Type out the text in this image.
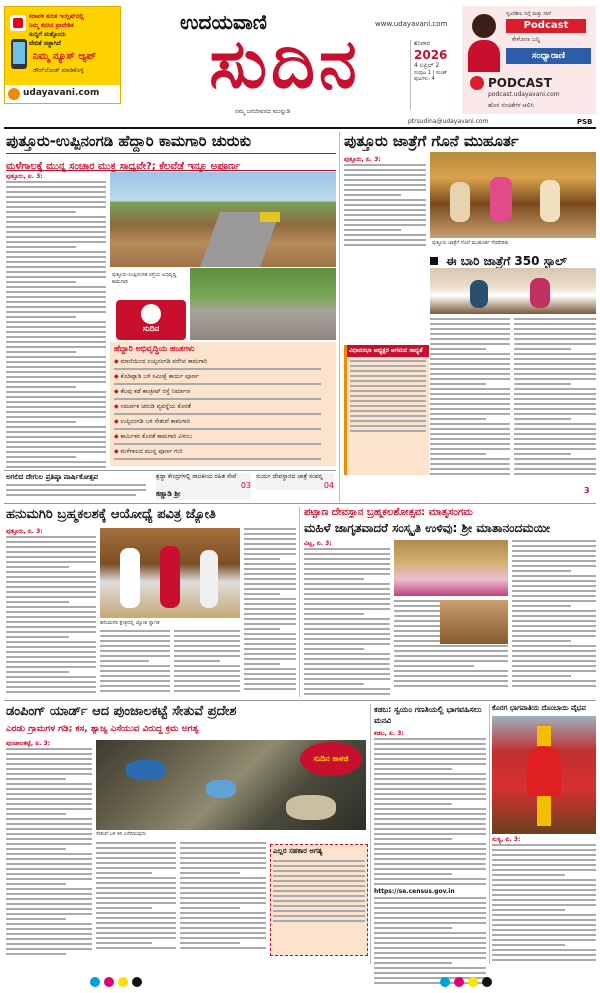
ಕರಾವಳಿ ಕುರಿತ ಇಂಗ್ಲಿಷ್‌ನಲ್ಲಿ
ನಿಮ್ಮ ಕನಸಿನ ಪ್ರಾದೇಶಿಕ
ಸುದ್ದಿಗೆ ಮತ್ತೊಂದು
ವೇದಿಕೆ ಸಜ್ಜಾಗಿದೆ
ನಿಮ್ಮ ನ್ಯೂಸ್ ಆ್ಯಪ್
ಡೌನ್‌ಲೋಡ್ ಮಾಡಿಕೊಳ್ಳಿ
udayavani.com
ಉದಯವಾಣಿ	www.udayavani.com
ಸುದಿನ	ಶನಿವಾರ
2026
4 ಏಪ್ರಿಲ್ 2
ಸಂಪುಟ 1 | ಸಂಚಿಕೆ
ಪುಟಗಳು: 4
ನಮ್ಮ ಜನಜೀವನದ ಮುನ್ನುಡಿ
ptrsudina@udayavani.com	PSB
ಸೃಜನಶೀಲ ನಿನ್ನೆ ಮತ್ತು ನಾಳೆ
Podcast
ಕೇಳೋಣ ಬನ್ನಿ
ಸಂಧ್ಯಾರಾಣಿ
PODCAST
podcast.udayavani.com
ಹೊಸ ಸಂಚಿಕೆಗಳ ಆಲಿಸಿ
ಪುತ್ತೂರು-ಉಪ್ಪಿನಂಗಡಿ ಹೆದ್ದಾರಿ ಕಾಮಗಾರಿ ಚುರುಕು
ಮಳೆಗಾಲಕ್ಕೆ ಮುನ್ನ ಸಂಚಾರ ಮುಕ್ತ ಸಾಧ್ಯವೇ?; ಕೆಲವೆಡೆ ಇನ್ನೂ ಅಪೂರ್ಣ
ಪುತ್ತೂರು, ಏ. 3:
ಪುತ್ತೂರು-ಉಪ್ಪಿನಂಗಡಿ ರಸ್ತೆಯ ಅಭಿವೃದ್ಧಿ ಕಾಮಗಾರಿ
ಸುದಿನ
ಹೆದ್ದಾರಿ ಅಭಿವೃದ್ಧಿಯ ಹಂತಗಳು
◆ ಮಾಣಿಯಿಂದ ಉಪ್ಪಿನಂಗಡಿ ವರೆಗಿನ ಕಾಮಗಾರಿ
◆ ಕೊಡಿಪ್ಪಾಡಿ ಬಳಿ ಸಮೀಕ್ಷೆ ಕಾರ್ಯ ಪೂರ್ಣ
◆ ಕೆಲವು ಕಡೆ ಕಾಂಕ್ರೀಟ್ ರಸ್ತೆ ನಿರ್ಮಾಣ
◆ ಸಮರ್ಪಕ ಚರಂಡಿ ವ್ಯವಸ್ಥೆಯ ಕೊರತೆ
◆ ಉಪ್ಪಿನಂಗಡಿ ಬಳಿ ಸೇತುವೆ ಕಾಮಗಾರಿ
◆ ಕಾರ್ಮಿಕರ ಕೊರತೆ ಕಾಮಗಾರಿ ವಿಳಂಬ
◆ ಮಳೆಗಾಲದ ಮುನ್ನ ಪೂರ್ಣ ಗುರಿ
ಅಗಲಿದ ದೇಗುಲ ಪ್ರತಿಷ್ಠಾ ವಾರ್ಷಿಕೋತ್ಸವ	ಶ್ರದ್ಧಾ ಕೇಂದ್ರಗಳಲ್ಲಿ ರಾಜಕೀಯ ರಹಿತ ಸೇವೆ
ಕಣ್ಣಾಡಿ ಶ್ರೀ
03
ಸುರ್ಯ ದೇವಸ್ಥಾನದ ಜಾತ್ರೆ ಸಂಪನ್ನ
04
ಪುತ್ತೂರು ಜಾತ್ರೆಗೆ ಗೊನೆ ಮುಹೂರ್ತ
ಪುತ್ತೂರು, ಏ. 3:
ಪುತ್ತೂರು ಜಾತ್ರೆಗೆ ಗೊನೆ ಮುಹೂರ್ತ ನೆರವೇರಿತು
ಈ ಬಾರಿ ಜಾತ್ರೆಗೆ 350 ಸ್ಟಾಲ್
ವಿಧಾನಸಭಾ ಅಧ್ಯಕ್ಷರ ಆಗಮನ ಸಾಧ್ಯತೆ
3
ಹನುಮಗಿರಿ ಬ್ರಹ್ಮಕಲಶಕ್ಕೆ ಆಯೋಧ್ಯೆ ಪವಿತ್ರ ಜ್ಯೋತಿ
ಪುತ್ತೂರು, ಏ. 3:
ಹನುಮಗಿರಿ ಕ್ಷೇತ್ರದಲ್ಲಿ ಜ್ಯೋತಿ ಸ್ವಾಗತ
ಪಟ್ಟಾಣ ದೇವಸ್ಥಾನ ಬ್ರಹ್ಮಕಲಶೋತ್ಸವ: ಮಾತೃಸಂಗಮ
ಮಹಿಳೆ ಜಾಗೃತವಾದರೆ ಸಂಸ್ಕೃತಿ ಉಳಿವು: ಶ್ರೀ ಮಾತಾನಂದಮಯೀ
ವಿಟ್ಲ, ಏ. 3:
ಡಂಪಿಂಗ್ ಯಾರ್ಡ್ ಆದ ಪುಂಜಾಲಕಟ್ಟೆ ಸೇತುವೆ ಪ್ರದೇಶ
ಎರಡು ಗ್ರಾಮಗಳ ಗಡಿ; ಕಸ, ತ್ಯಾಜ್ಯ ಎಸೆಯುವ ವಿರುದ್ಧ ಕ್ರಮ ಅಗತ್ಯ
ಪುಂಜಾಲಕಟ್ಟೆ, ಏ. 3:
ಸುದಿನ ಕಾಳಜಿ
ಸೇತುವೆ ಬಳಿ ಕಸ ಎಸೆದಿರುವುದು
ಎಲ್ಲರ ಸಹಕಾರ ಅಗತ್ಯ
ಕಡಬ: ಸ್ವಯಂ ಗಣತಿಯಲ್ಲಿ ಭಾಗವಹಿಸಲು ಮನವಿ
ಕಡಬ, ಏ. 3:
https://se.census.gov.in
ಕೊರಗ ಭಾಗವಾತಿಯ ದೊಂಬಾಯಿ ವೈಭವ
ಸುಳ್ಯ, ಏ. 3:
